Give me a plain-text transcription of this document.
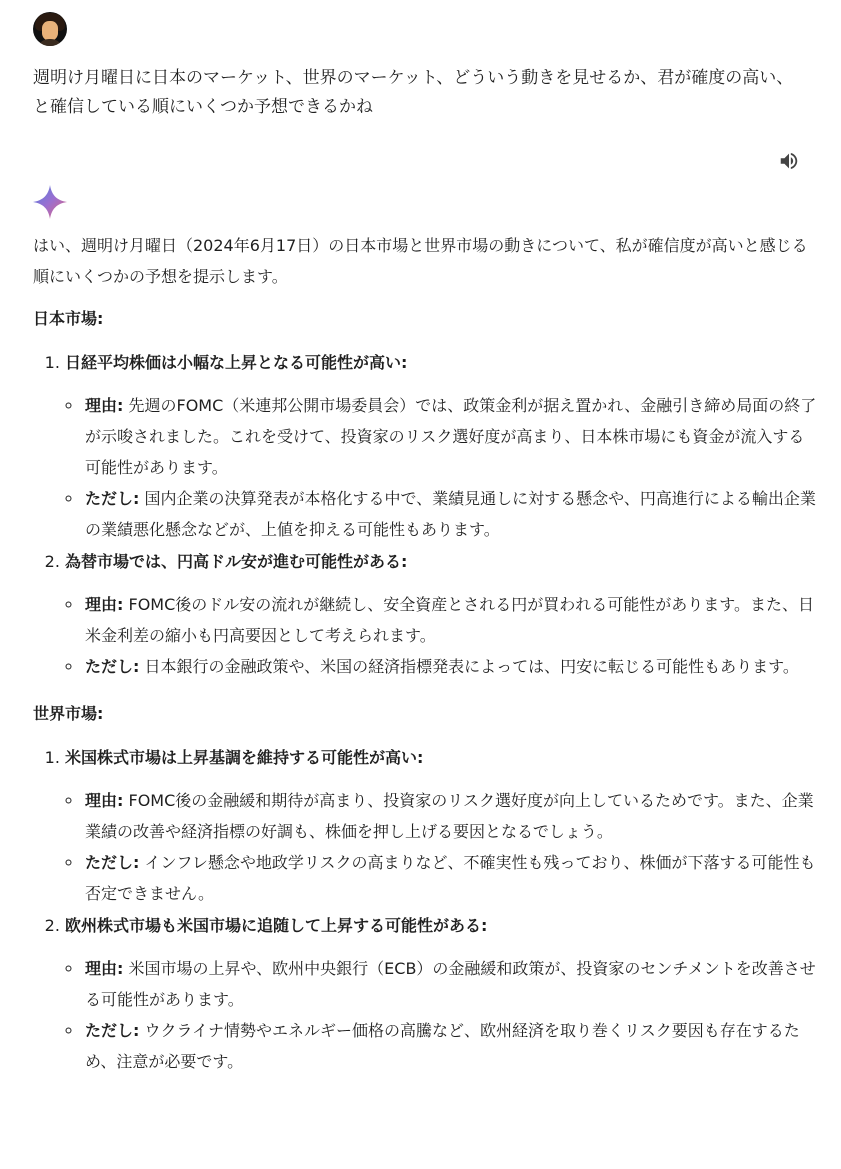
週明け月曜日に日本のマーケット、世界のマーケット、どういう動きを見せるか、君が確度の高い、と確信している順にいくつか予想できるかね

はい、週明け月曜日（2024年6月17日）の日本市場と世界市場の動きについて、私が確信度が高いと感じる順にいくつかの予想を提示します。

日本市場:
1. 日経平均株価は小幅な上昇となる可能性が高い:
◦ 理由: 先週のFOMC（米連邦公開市場委員会）では、政策金利が据え置かれ、金融引き締め局面の終了が示唆されました。これを受けて、投資家のリスク選好度が高まり、日本株市場にも資金が流入する可能性があります。
◦ ただし: 国内企業の決算発表が本格化する中で、業績見通しに対する懸念や、円高進行による輸出企業の業績悪化懸念などが、上値を抑える可能性もあります。
2. 為替市場では、円高ドル安が進む可能性がある:
◦ 理由: FOMC後のドル安の流れが継続し、安全資産とされる円が買われる可能性があります。また、日米金利差の縮小も円高要因として考えられます。
◦ ただし: 日本銀行の金融政策や、米国の経済指標発表によっては、円安に転じる可能性もあります。
世界市場:
1. 米国株式市場は上昇基調を維持する可能性が高い:
◦ 理由: FOMC後の金融緩和期待が高まり、投資家のリスク選好度が向上しているためです。また、企業業績の改善や経済指標の好調も、株価を押し上げる要因となるでしょう。
◦ ただし: インフレ懸念や地政学リスクの高まりなど、不確実性も残っており、株価が下落する可能性も否定できません。
2. 欧州株式市場も米国市場に追随して上昇する可能性がある:
◦ 理由: 米国市場の上昇や、欧州中央銀行（ECB）の金融緩和政策が、投資家のセンチメントを改善させる可能性があります。
◦ ただし: ウクライナ情勢やエネルギー価格の高騰など、欧州経済を取り巻くリスク要因も存在するため、注意が必要です。
